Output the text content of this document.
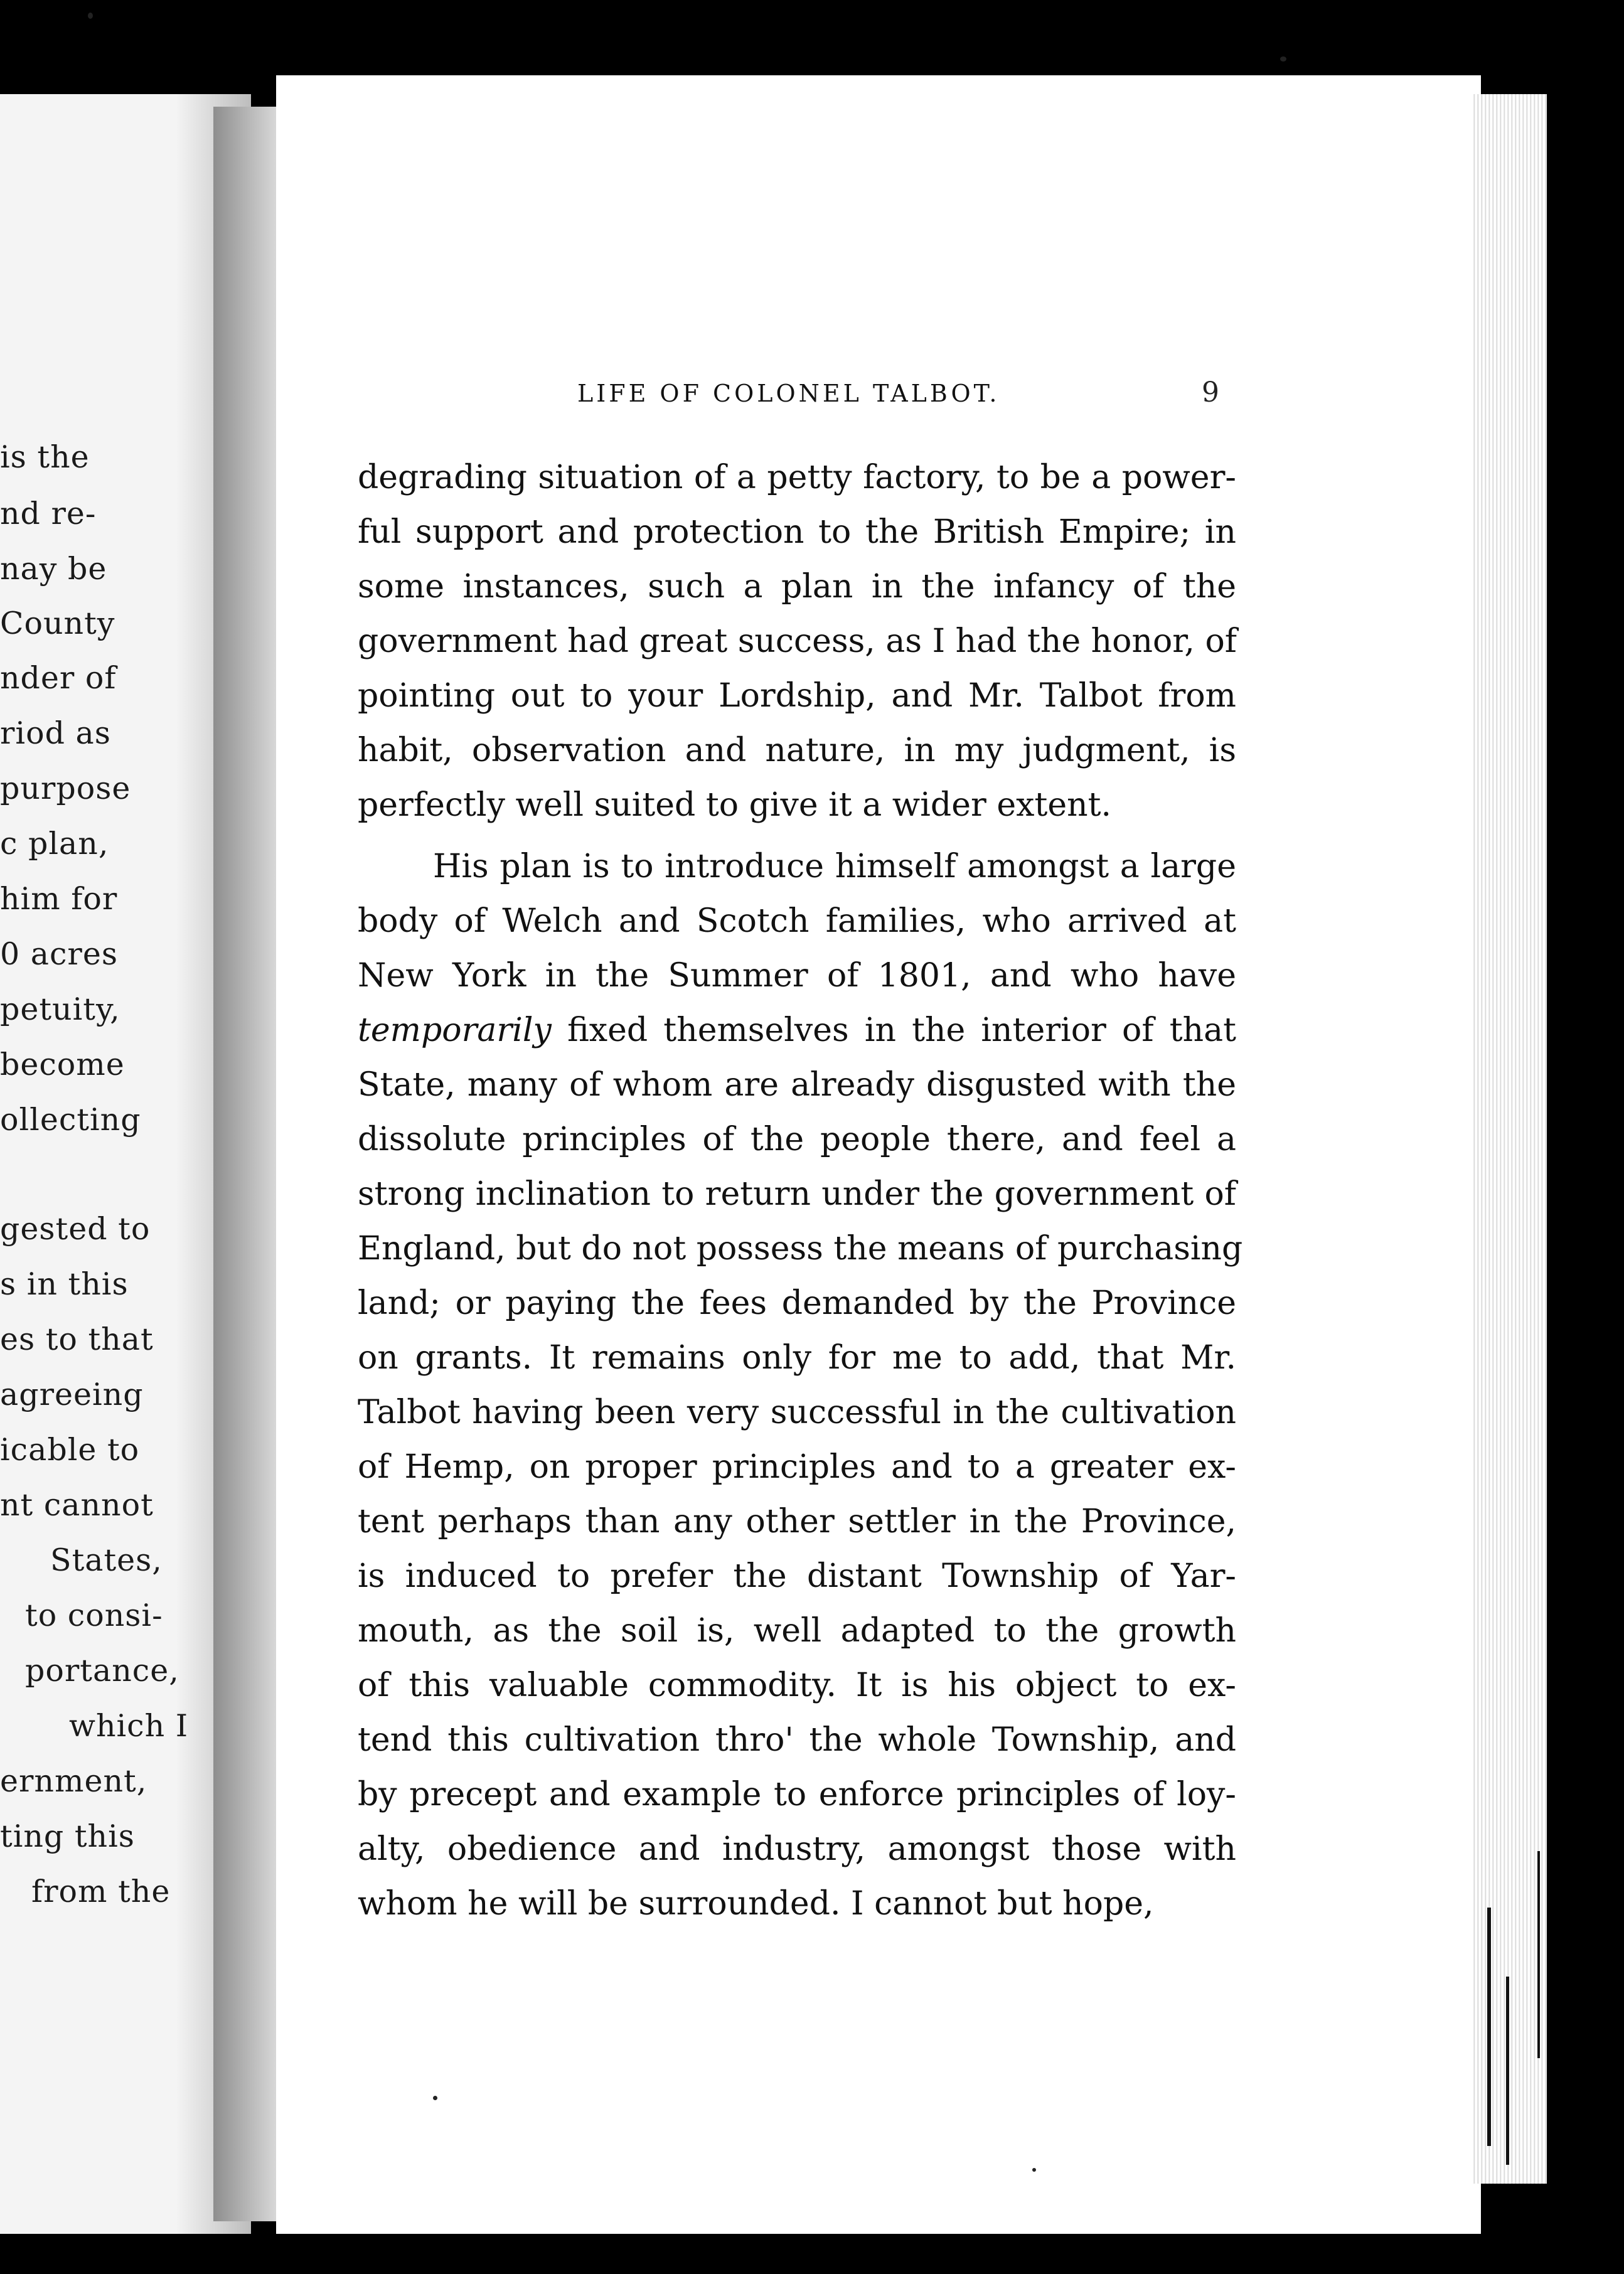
is the
nd re-
nay be
County
nder of
riod as
purpose
c plan,
him for
0 acres
petuity,
become
ollecting
gested to
s in this
es to that
agreeing
icable to
nt cannot
States,
to consi-
portance,
which I
ernment,
ting this
from the
LIFE OF COLONEL TALBOT.	9
degrading situation of a petty factory, to be a power-
ful support and protection to the British Empire; in
some instances, such a plan in the infancy of the
government had great success, as I had the honor, of
pointing out to your Lordship, and Mr. Talbot from
habit, observation and nature, in my judgment, is
perfectly well suited to give it a wider extent.
His plan is to introduce himself amongst a large
body of Welch and Scotch families, who arrived at
New York in the Summer of 1801, and who have
temporarily fixed themselves in the interior of that
State, many of whom are already disgusted with the
dissolute principles of the people there, and feel a
strong inclination to return under the government of
England, but do not possess the means of purchasing
land; or paying the fees demanded by the Province
on grants. It remains only for me to add, that Mr.
Talbot having been very successful in the cultivation
of Hemp, on proper principles and to a greater ex-
tent perhaps than any other settler in the Province,
is induced to prefer the distant Township of Yar-
mouth, as the soil is, well adapted to the growth
of this valuable commodity. It is his object to ex-
tend this cultivation thro' the whole Township, and
by precept and example to enforce principles of loy-
alty, obedience and industry, amongst those with
whom he will be surrounded. I cannot but hope,
